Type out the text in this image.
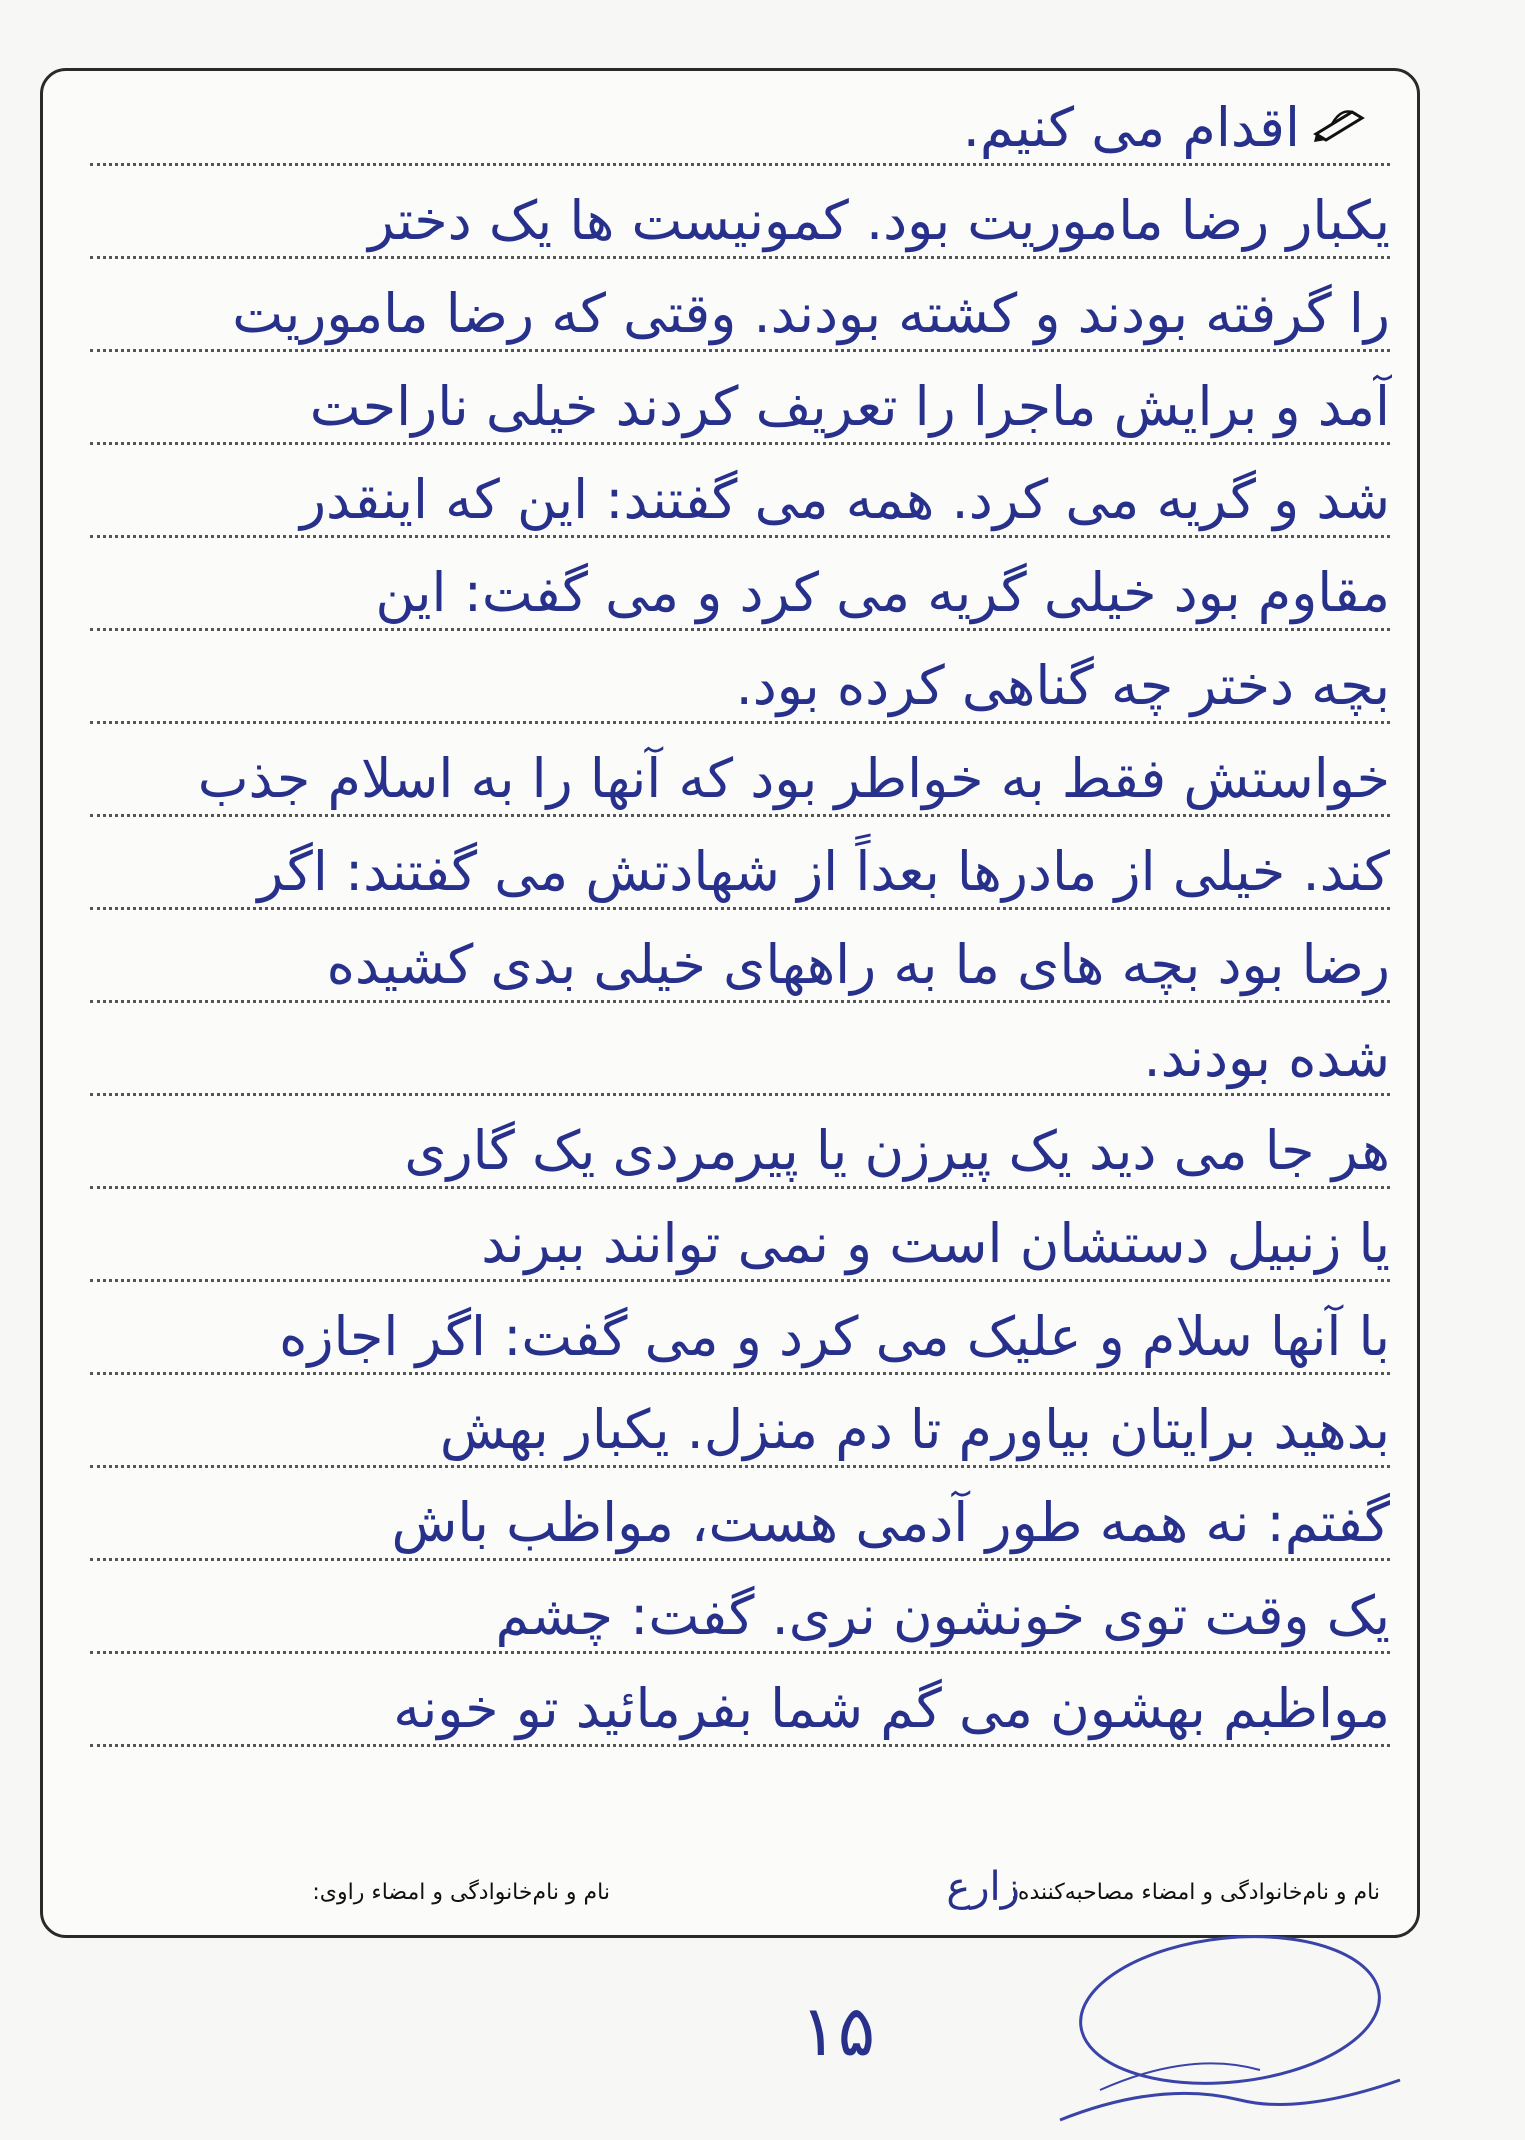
اقدام می کنیم.
یکبار رضا ماموریت بود. کمونیست ها یک دختر
را گرفته بودند و کشته بودند. وقتی که رضا ماموریت
آمد و برایش ماجرا را تعریف کردند خیلی ناراحت
شد و گریه می کرد. همه می گفتند: این که اینقدر
مقاوم بود خیلی گریه می کرد و می گفت: این
بچه دختر چه گناهی کرده بود.
خواستش فقط به خواطر بود که آنها را به اسلام جذب
کند. خیلی از مادرها بعداً از شهادتش می گفتند: اگر
رضا بود بچه های ما به راههای خیلی بدی کشیده
شده بودند.
هر جا می دید یک پیرزن یا پیرمردی یک گاری
یا زنبیل دستشان است و نمی توانند ببرند
با آنها سلام و علیک می کرد و می گفت: اگر اجازه
بدهید برایتان بیاورم تا دم منزل. یکبار بهش
گفتم: نه همه طور آدمی هست، مواظب باش
یک وقت توی خونشون نری. گفت: چشم
مواظبم بهشون می گم شما بفرمائید تو خونه
نام و نام‌خانوادگی و امضاء مصاحبه‌کننده:
زارع
نام و نام‌خانوادگی و امضاء راوی:
۱۵
